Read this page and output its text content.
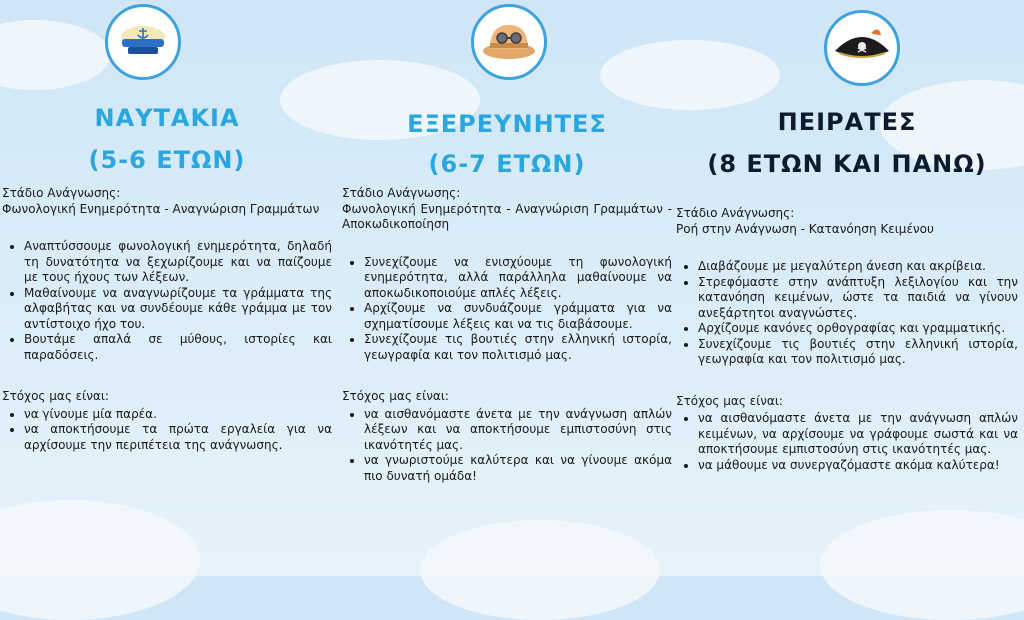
ΝΑΥΤΑΚΙΑ
(5-6 ΕΤΩΝ)
Στάδιο Ανάγνωσης:
Φωνολογική Ενημερότητα - Αναγνώριση Γραμμάτων
• Αναπτύσσουμε φωνολογική ενημερότητα, δηλαδή τη δυνατότητα να ξεχωρίζουμε και να παίζουμε με τους ήχους των λέξεων.
• Μαθαίνουμε να αναγνωρίζουμε τα γράμματα της αλφαβήτας και να συνδέουμε κάθε γράμμα με τον αντίστοιχο ήχο του.
• Βουτάμε απαλά σε μύθους, ιστορίες και παραδόσεις.
Στόχος μας είναι:
• να γίνουμε μία παρέα.
• να αποκτήσουμε τα πρώτα εργαλεία για να αρχίσουμε την περιπέτεια της ανάγνωσης.
ΕΞΕΡΕΥΝΗΤΕΣ
(6-7 ΕΤΩΝ)
Στάδιο Ανάγνωσης:
Φωνολογική Ενημερότητα - Αναγνώριση Γραμμάτων - Αποκωδικοποίηση
• Συνεχίζουμε να ενισχύουμε τη φωνολογική ενημερότητα, αλλά παράλληλα μαθαίνουμε να αποκωδικοποιούμε απλές λέξεις.
• Αρχίζουμε να συνδυάζουμε γράμματα για να σχηματίσουμε λέξεις και να τις διαβάσουμε.
• Συνεχίζουμε τις βουτιές στην ελληνική ιστορία, γεωγραφία και τον πολιτισμό μας.
Στόχος μας είναι:
• να αισθανόμαστε άνετα με την ανάγνωση απλών λέξεων και να αποκτήσουμε εμπιστοσύνη στις ικανότητές μας.
• να γνωριστούμε καλύτερα και να γίνουμε ακόμα πιο δυνατή ομάδα!
ΠΕΙΡΑΤΕΣ
(8 ΕΤΩΝ ΚΑΙ ΠΑΝΩ)
Στάδιο Ανάγνωσης:
Ροή στην Ανάγνωση - Κατανόηση Κειμένου
• Διαβάζουμε με μεγαλύτερη άνεση και ακρίβεια.
• Στρεφόμαστε στην ανάπτυξη λεξιλογίου και την κατανόηση κειμένων, ώστε τα παιδιά να γίνουν ανεξάρτητοι αναγνώστες.
• Αρχίζουμε κανόνες ορθογραφίας και γραμματικής.
• Συνεχίζουμε τις βουτιές στην ελληνική ιστορία, γεωγραφία και τον πολιτισμό μας.
Στόχος μας είναι:
• να αισθανόμαστε άνετα με την ανάγνωση απλών κειμένων, να αρχίσουμε να γράφουμε σωστά και να αποκτήσουμε εμπιστοσύνη στις ικανότητές μας.
• να μάθουμε να συνεργαζόμαστε ακόμα καλύτερα!
